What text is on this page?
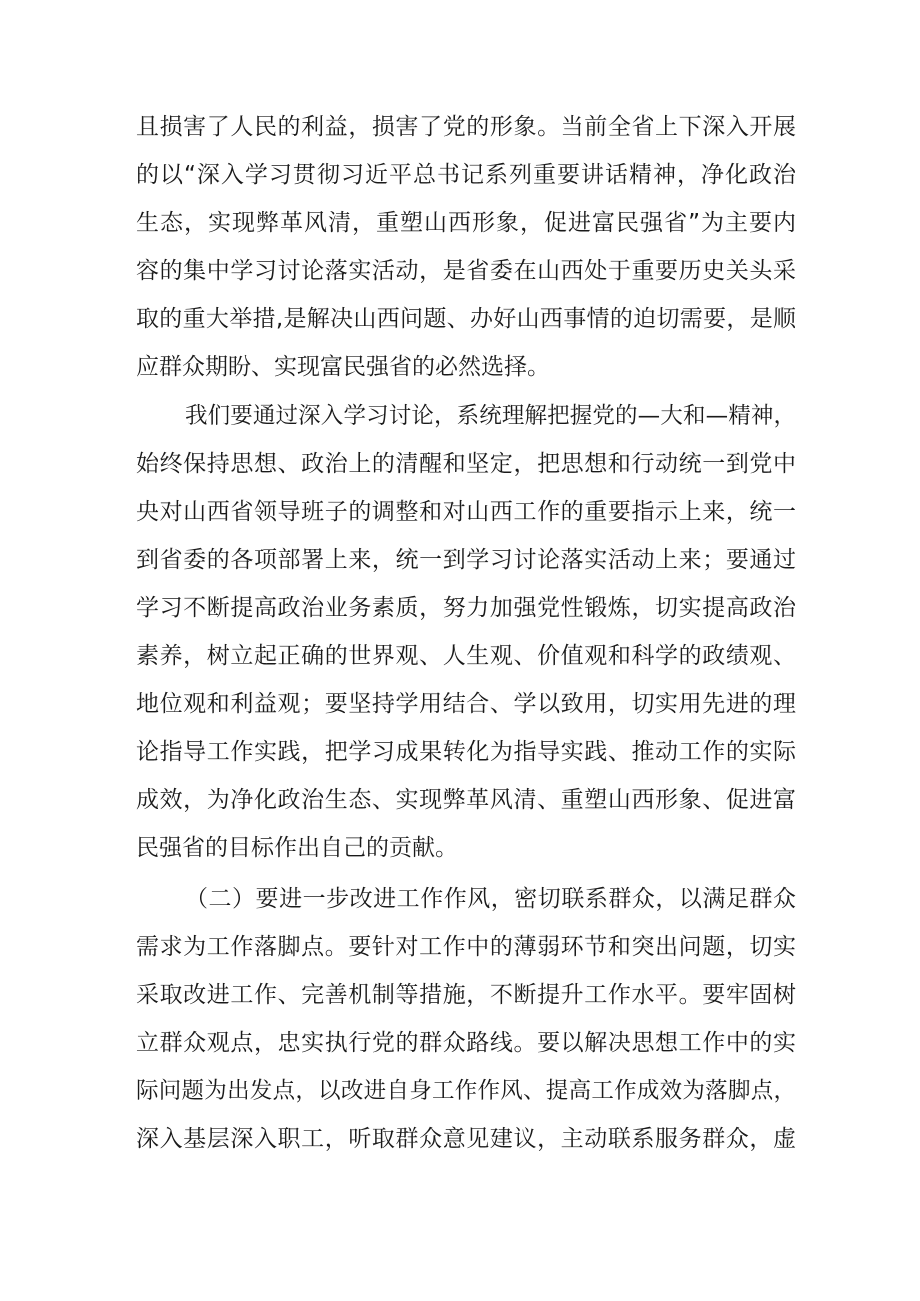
且损害了人民的利益，损害了党的形象。当前全省上下深入开展
的以“深入学习贯彻习近平总书记系列重要讲话精神，净化政治
生态，实现弊革风清，重塑山西形象，促进富民强省”为主要内
容的集中学习讨论落实活动，是省委在山西处于重要历史关头采
取的重大举措,是解决山西问题、办好山西事情的迫切需要，是顺
应群众期盼、实现富民强省的必然选择。
我们要通过深入学习讨论，系统理解把握党的—大和—精神，
始终保持思想、政治上的清醒和坚定，把思想和行动统一到党中
央对山西省领导班子的调整和对山西工作的重要指示上来，统一
到省委的各项部署上来，统一到学习讨论落实活动上来；要通过
学习不断提高政治业务素质，努力加强党性锻炼，切实提高政治
素养，树立起正确的世界观、人生观、价值观和科学的政绩观、
地位观和利益观；要坚持学用结合、学以致用，切实用先进的理
论指导工作实践，把学习成果转化为指导实践、推动工作的实际
成效，为净化政治生态、实现弊革风清、重塑山西形象、促进富
民强省的目标作出自己的贡献。
（二）要进一步改进工作作风，密切联系群众，以满足群众
需求为工作落脚点。要针对工作中的薄弱环节和突出问题，切实
采取改进工作、完善机制等措施，不断提升工作水平。要牢固树
立群众观点，忠实执行党的群众路线。要以解决思想工作中的实
际问题为出发点，以改进自身工作作风、提高工作成效为落脚点，
深入基层深入职工，听取群众意见建议，主动联系服务群众，虚
